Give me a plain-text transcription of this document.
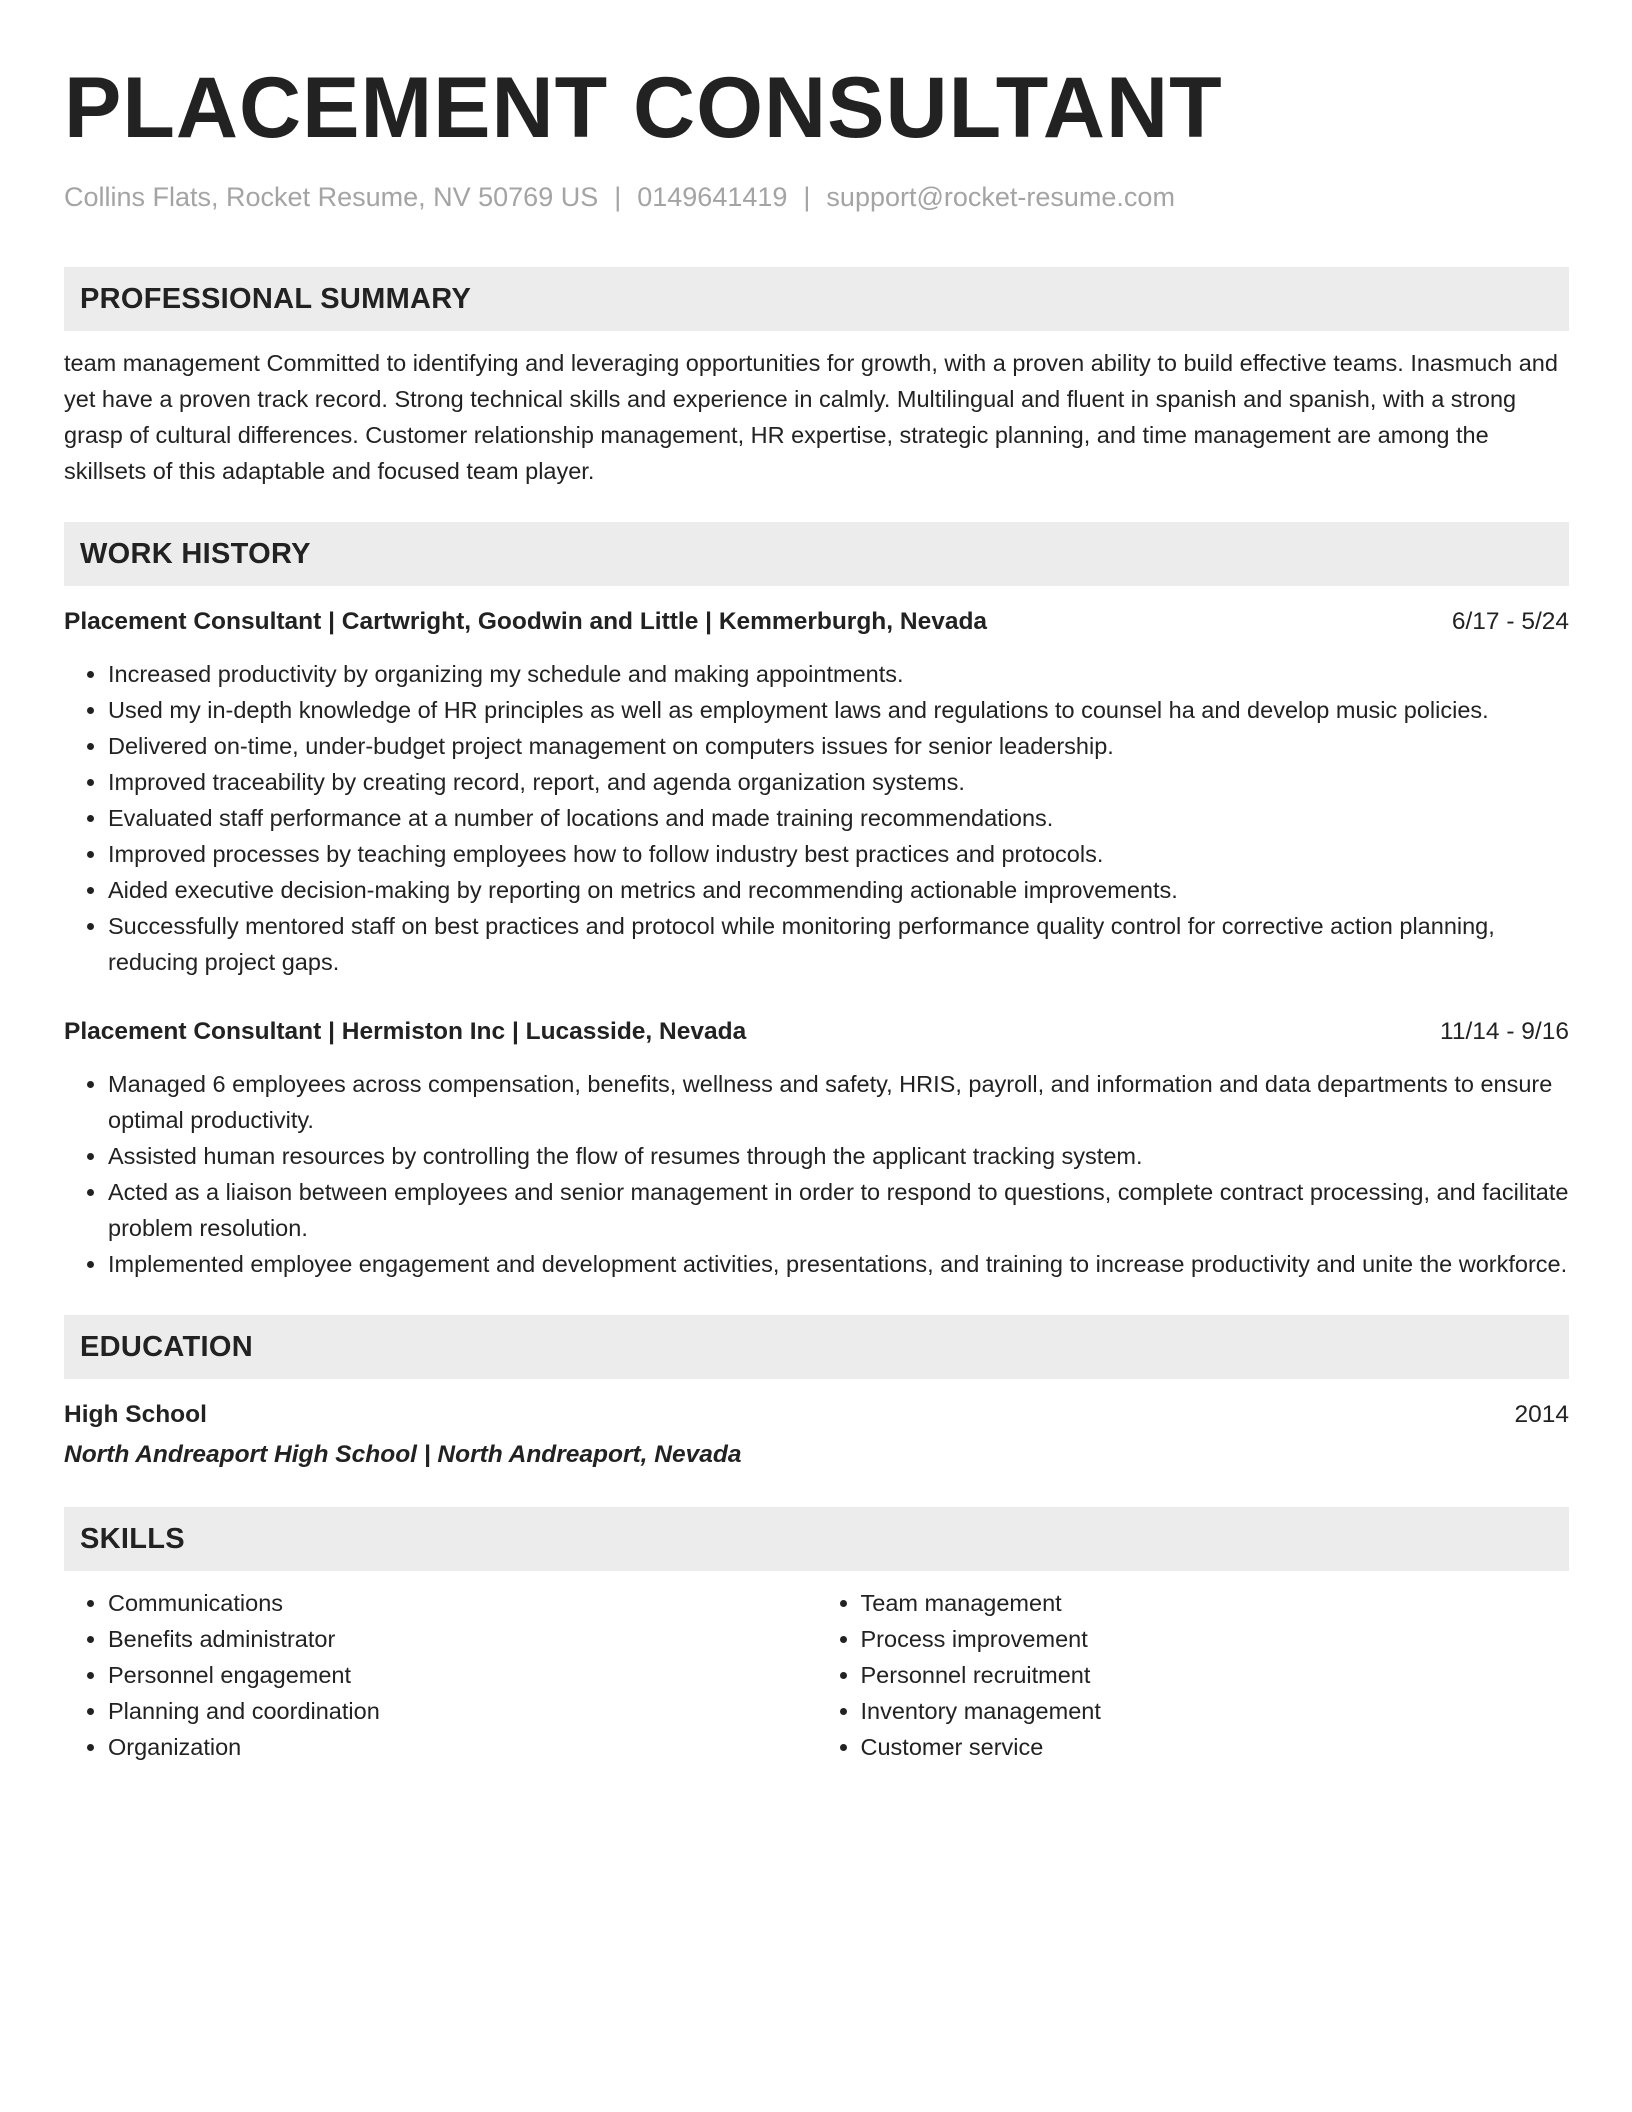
PLACEMENT CONSULTANT
Collins Flats, Rocket Resume, NV 50769 US | 0149641419 | support@rocket-resume.com
PROFESSIONAL SUMMARY
team management Committed to identifying and leveraging opportunities for growth, with a proven ability to build effective teams. Inasmuch and yet have a proven track record. Strong technical skills and experience in calmly. Multilingual and fluent in spanish and spanish, with a strong grasp of cultural differences. Customer relationship management, HR expertise, strategic planning, and time management are among the skillsets of this adaptable and focused team player.
WORK HISTORY
Placement Consultant | Cartwright, Goodwin and Little | Kemmerburgh, Nevada	6/17 - 5/24
• Increased productivity by organizing my schedule and making appointments.
• Used my in-depth knowledge of HR principles as well as employment laws and regulations to counsel ha and develop music policies.
• Delivered on-time, under-budget project management on computers issues for senior leadership.
• Improved traceability by creating record, report, and agenda organization systems.
• Evaluated staff performance at a number of locations and made training recommendations.
• Improved processes by teaching employees how to follow industry best practices and protocols.
• Aided executive decision-making by reporting on metrics and recommending actionable improvements.
• Successfully mentored staff on best practices and protocol while monitoring performance quality control for corrective action planning, reducing project gaps.
Placement Consultant | Hermiston Inc | Lucasside, Nevada	11/14 - 9/16
• Managed 6 employees across compensation, benefits, wellness and safety, HRIS, payroll, and information and data departments to ensure optimal productivity.
• Assisted human resources by controlling the flow of resumes through the applicant tracking system.
• Acted as a liaison between employees and senior management in order to respond to questions, complete contract processing, and facilitate problem resolution.
• Implemented employee engagement and development activities, presentations, and training to increase productivity and unite the workforce.
EDUCATION
High School	2014
North Andreaport High School | North Andreaport, Nevada
SKILLS
• Communications
• Benefits administrator
• Personnel engagement
• Planning and coordination
• Organization
• Team management
• Process improvement
• Personnel recruitment
• Inventory management
• Customer service
